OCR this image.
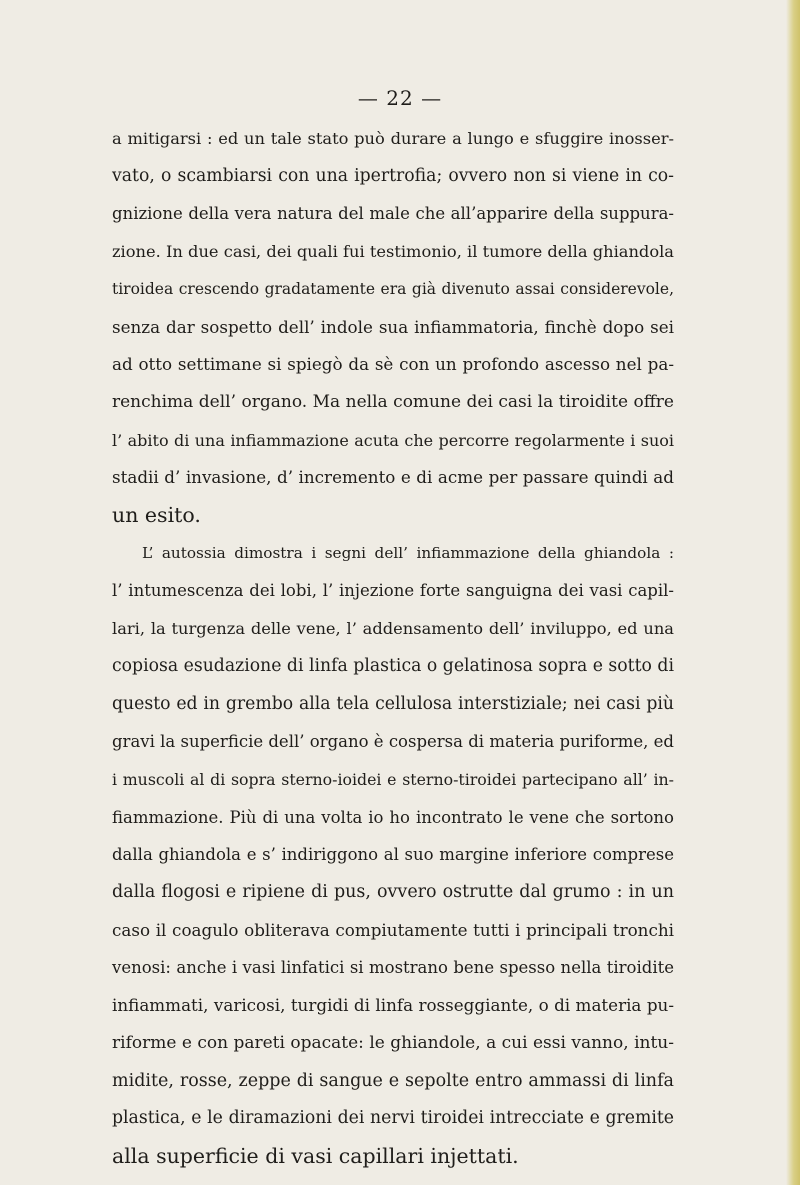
— 22 —
a mitigarsi : ed un tale stato può durare a lungo e sfuggire inosser-
vato, o scambiarsi con una ipertrofia; ovvero non si viene in co-
gnizione della vera natura del male che all’apparire della suppura-
zione. In due casi, dei quali fui testimonio, il tumore della ghiandola
tiroidea crescendo gradatamente era già divenuto assai considerevole,
senza dar sospetto dell’ indole sua infiammatoria, finchè dopo sei
ad otto settimane si spiegò da sè con un profondo ascesso nel pa-
renchima dell’ organo. Ma nella comune dei casi la tiroidite offre
l’ abito di una infiammazione acuta che percorre regolarmente i suoi
stadii d’ invasione, d’ incremento e di acme per passare quindi ad
un esito.
L’ autossia dimostra i segni dell’ infiammazione della ghiandola :
l’ intumescenza dei lobi, l’ injezione forte sanguigna dei vasi capil-
lari, la turgenza delle vene, l’ addensamento dell’ inviluppo, ed una
copiosa esudazione di linfa plastica o gelatinosa sopra e sotto di
questo ed in grembo alla tela cellulosa interstiziale; nei casi più
gravi la superficie dell’ organo è cospersa di materia puriforme, ed
i muscoli al di sopra sterno-ioidei e sterno-tiroidei partecipano all’ in-
fiammazione. Più di una volta io ho incontrato le vene che sortono
dalla ghiandola e s’ indiriggono al suo margine inferiore comprese
dalla flogosi e ripiene di pus, ovvero ostrutte dal grumo : in un
caso il coagulo obliterava compiutamente tutti i principali tronchi
venosi: anche i vasi linfatici si mostrano bene spesso nella tiroidite
infiammati, varicosi, turgidi di linfa rosseggiante, o di materia pu-
riforme e con pareti opacate: le ghiandole, a cui essi vanno, intu-
midite, rosse, zeppe di sangue e sepolte entro ammassi di linfa
plastica, e le diramazioni dei nervi tiroidei intrecciate e gremite
alla superficie di vasi capillari injettati.
